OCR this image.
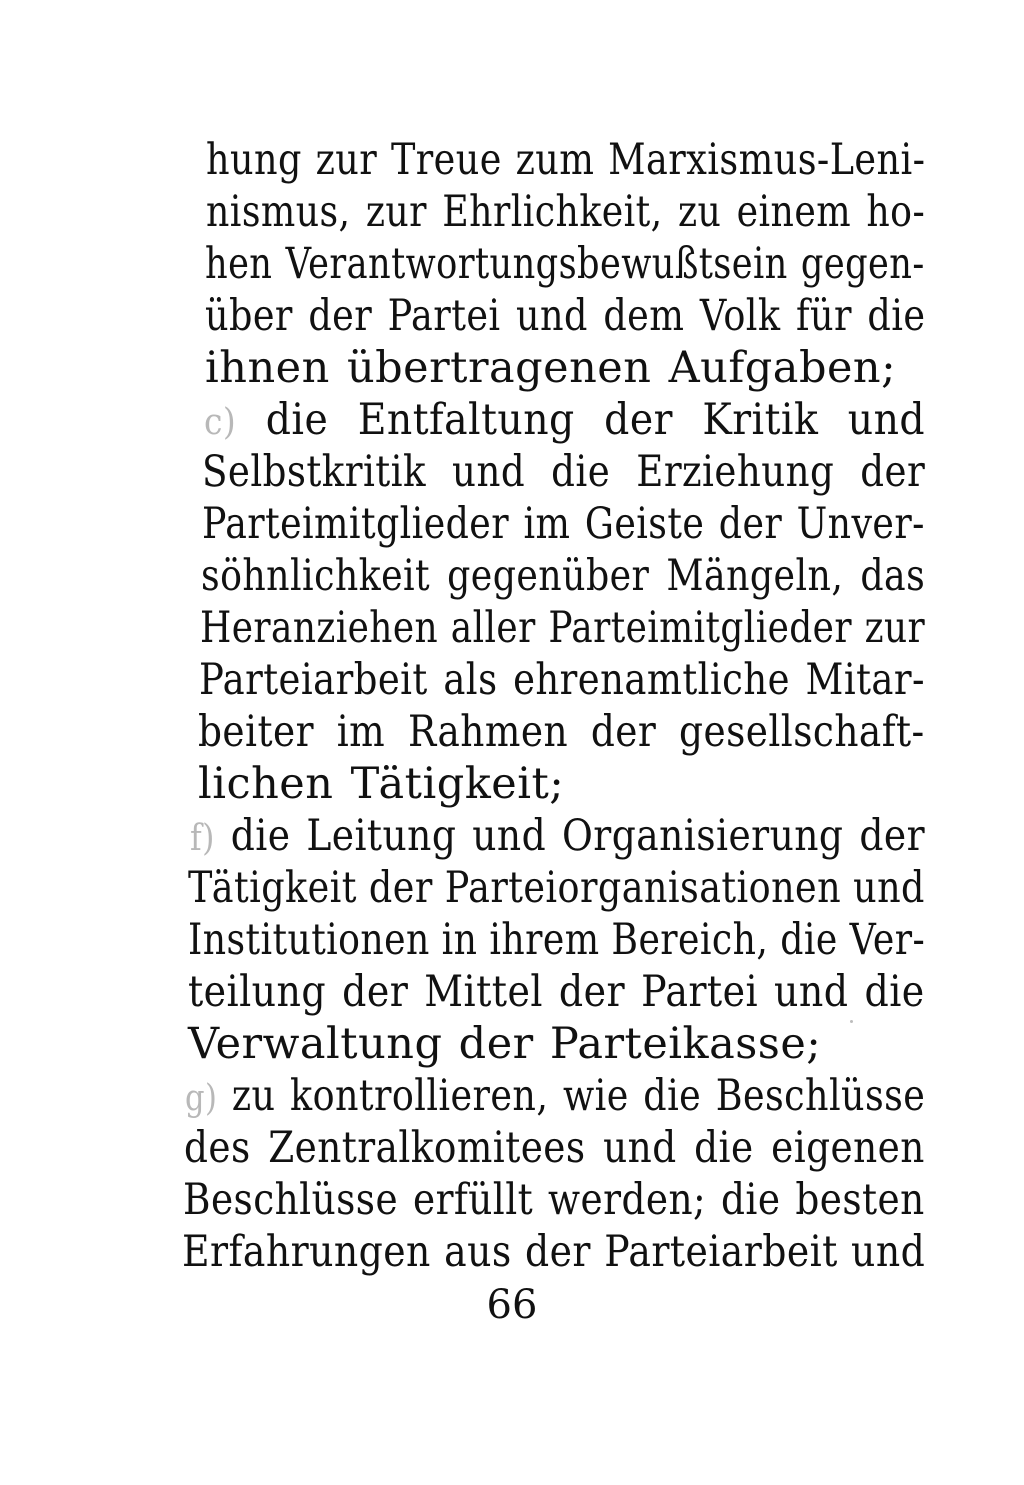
hung zur Treue zum Marxismus-Leni-
nismus, zur Ehrlichkeit, zu einem ho-
hen Verantwortungsbewußtsein gegen-
über der Partei und dem Volk für die
ihnen übertragenen Aufgaben;
c) die Entfaltung der Kritik und
Selbstkritik und die Erziehung der
Parteimitglieder im Geiste der Unver-
söhnlichkeit gegenüber Mängeln, das
Heranziehen aller Parteimitglieder zur
Parteiarbeit als ehrenamtliche Mitar-
beiter im Rahmen der gesellschaft-
lichen Tätigkeit;
f) die Leitung und Organisierung der
Tätigkeit der Parteiorganisationen und
Institutionen in ihrem Bereich, die Ver-
teilung der Mittel der Partei und die
Verwaltung der Parteikasse;
g) zu kontrollieren, wie die Beschlüsse
des Zentralkomitees und die eigenen
Beschlüsse erfüllt werden; die besten
Erfahrungen aus der Parteiarbeit und
66
